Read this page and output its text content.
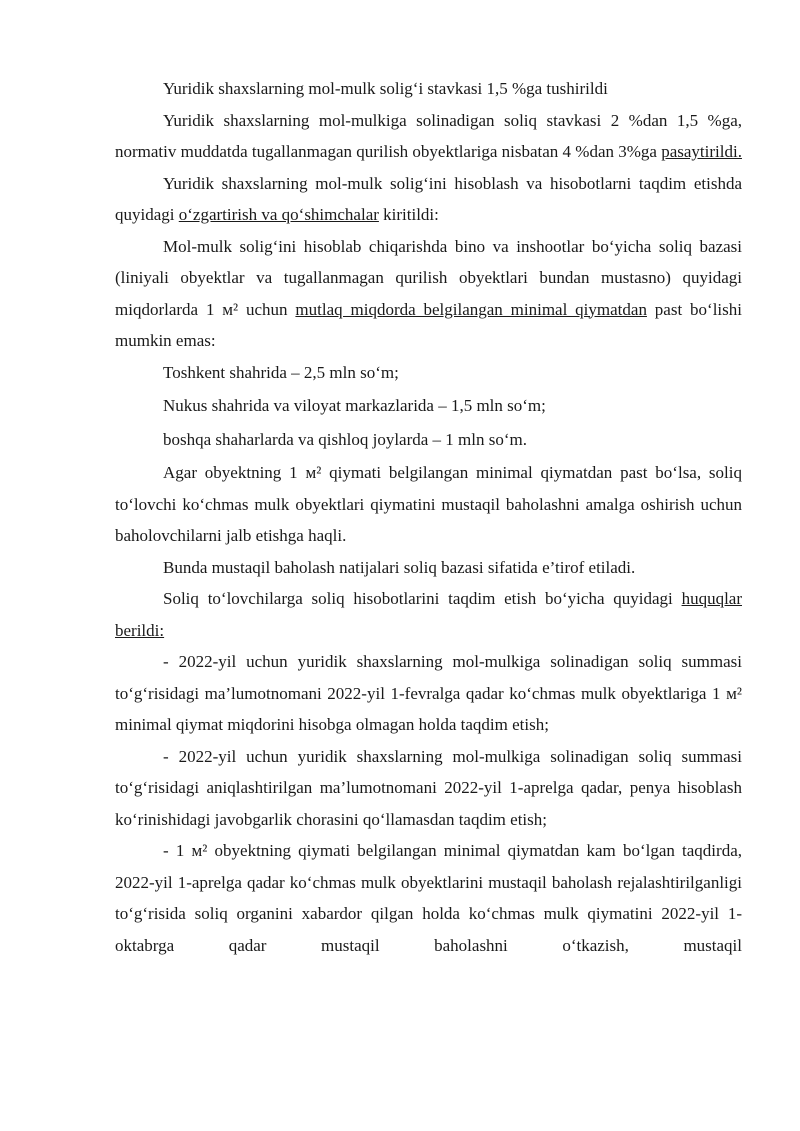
Yuridik shaxslarning mol-mulk solig‘i stavkasi 1,5 %ga tushirildi

Yuridik shaxslarning mol-mulkiga solinadigan soliq stavkasi 2 %dan 1,5 %ga, normativ muddatda tugallanmagan qurilish obyektlariga nisbatan 4 %dan 3%ga pasaytirildi.

Yuridik shaxslarning mol-mulk solig‘ini hisoblash va hisobotlarni taqdim etishda quyidagi o‘zgartirish va qo‘shimchalar kiritildi:

Mol-mulk solig‘ini hisoblab chiqarishda bino va inshootlar bo‘yicha soliq bazasi (liniyali obyektlar va tugallanmagan qurilish obyektlari bundan mustasno) quyidagi miqdorlarda 1 м² uchun mutlaq miqdorda belgilangan minimal qiymatdan past bo‘lishi mumkin emas:

Toshkent shahrida – 2,5 mln so‘m;

Nukus shahrida va viloyat markazlarida – 1,5 mln so‘m;

boshqa shaharlarda va qishloq joylarda – 1 mln so‘m.

Agar obyektning 1 м² qiymati belgilangan minimal qiymatdan past bo‘lsa, soliq to‘lovchi ko‘chmas mulk obyektlari qiymatini mustaqil baholashni amalga oshirish uchun baholovchilarni jalb etishga haqli.

Bunda mustaqil baholash natijalari soliq bazasi sifatida e’tirof etiladi.

Soliq to‘lovchilarga soliq hisobotlarini taqdim etish bo‘yicha quyidagi huquqlar berildi:

- 2022-yil uchun yuridik shaxslarning mol-mulkiga solinadigan soliq summasi to‘g‘risidagi ma’lumotnomani 2022-yil 1-fevralga qadar ko‘chmas mulk obyektlariga 1 м² minimal qiymat miqdorini hisobga olmagan holda taqdim etish;

- 2022-yil uchun yuridik shaxslarning mol-mulkiga solinadigan soliq summasi to‘g‘risidagi aniqlashtirilgan ma’lumotnomani 2022-yil 1-aprelga qadar, penya hisoblash ko‘rinishidagi javobgarlik chorasini qo‘llamasdan taqdim etish;

- 1 м² obyektning qiymati belgilangan minimal qiymatdan kam bo‘lgan taqdirda, 2022-yil 1-aprelga qadar ko‘chmas mulk obyektlarini mustaqil baholash rejalashtirilganligi to‘g‘risida soliq organini xabardor qilgan holda ko‘chmas mulk qiymatini 2022-yil 1-oktabrga qadar mustaqil baholashni o‘tkazish, mustaqil
